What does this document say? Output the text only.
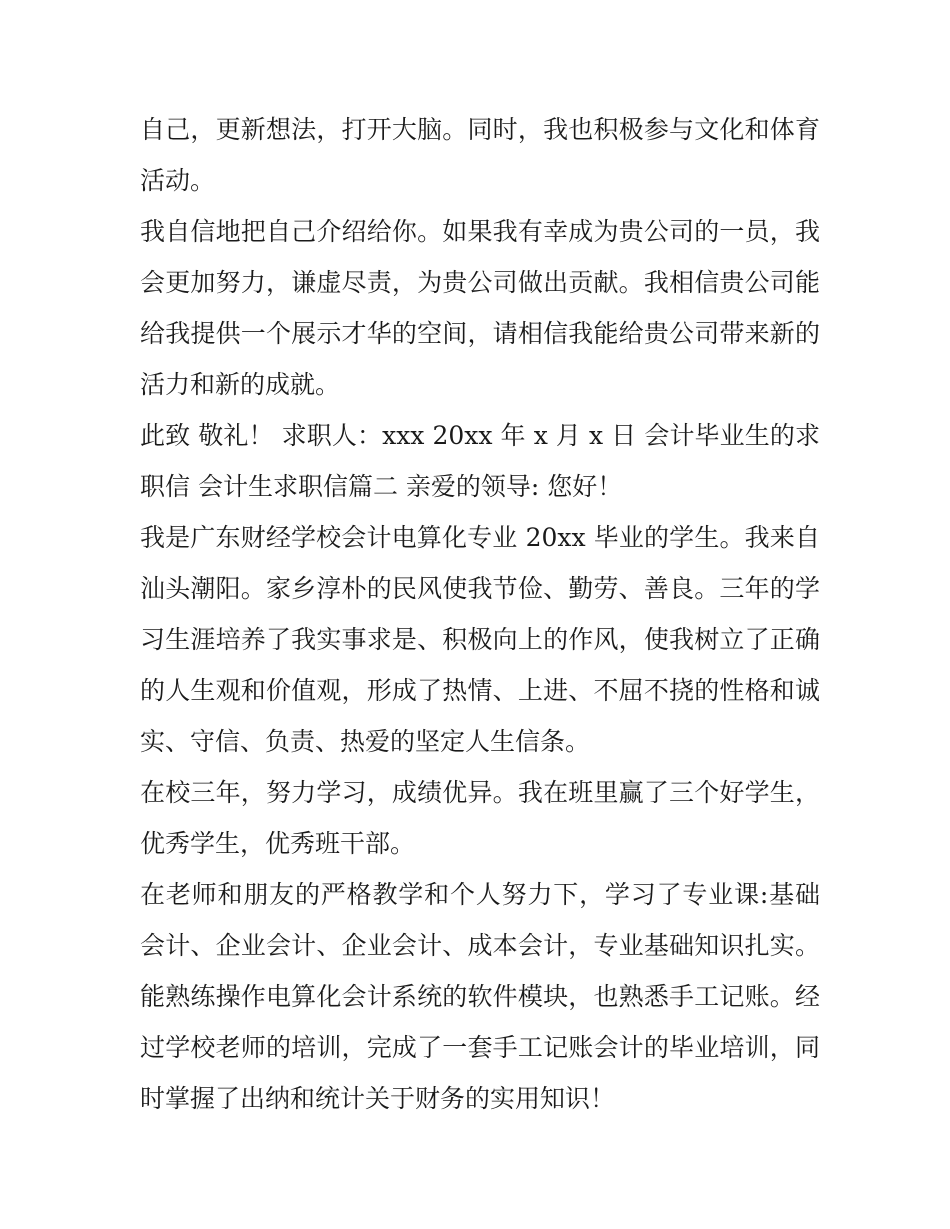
自己，更新想法，打开大脑。同时，我也积极参与文化和体育活动。

我自信地把自己介绍给你。如果我有幸成为贵公司的一员，我会更加努力，谦虚尽责，为贵公司做出贡献。我相信贵公司能给我提供一个展示才华的空间，请相信我能给贵公司带来新的活力和新的成就。

此致 敬礼！ 求职人：xxx 20xx 年 x 月 x 日 会计毕业生的求职信 会计生求职信篇二 亲爱的领导: 您好！

我是广东财经学校会计电算化专业 20xx 毕业的学生。我来自汕头潮阳。家乡淳朴的民风使我节俭、勤劳、善良。三年的学习生涯培养了我实事求是、积极向上的作风，使我树立了正确的人生观和价值观，形成了热情、上进、不屈不挠的性格和诚实、守信、负责、热爱的坚定人生信条。

在校三年，努力学习，成绩优异。我在班里赢了三个好学生，优秀学生，优秀班干部。

在老师和朋友的严格教学和个人努力下，学习了专业课:基础会计、企业会计、企业会计、成本会计，专业基础知识扎实。能熟练操作电算化会计系统的软件模块，也熟悉手工记账。经过学校老师的培训，完成了一套手工记账会计的毕业培训，同时掌握了出纳和统计关于财务的实用知识！
